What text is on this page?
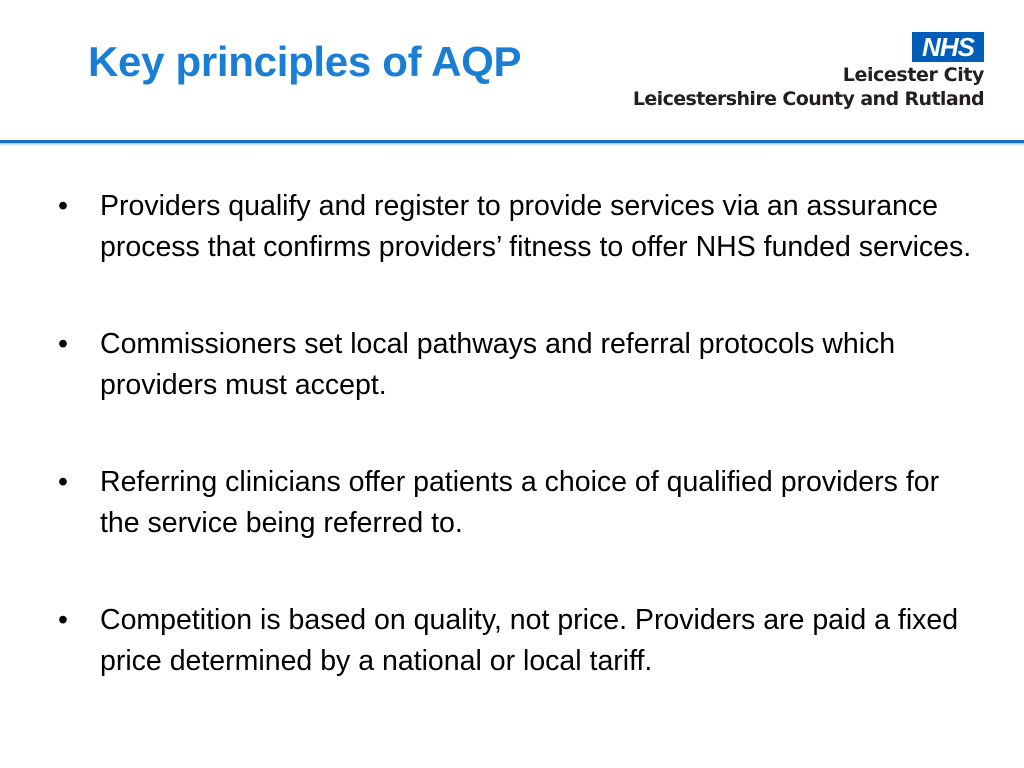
Key principles of AQP	NHS
Leicester City
Leicestershire County and Rutland
• Providers qualify and register to provide services via an assurance process that confirms providers’ fitness to offer NHS funded services.
• Commissioners set local pathways and referral protocols which providers must accept.
• Referring clinicians offer patients a choice of qualified providers for the service being referred to.
• Competition is based on quality, not price. Providers are paid a fixed price determined by a national or local tariff.
